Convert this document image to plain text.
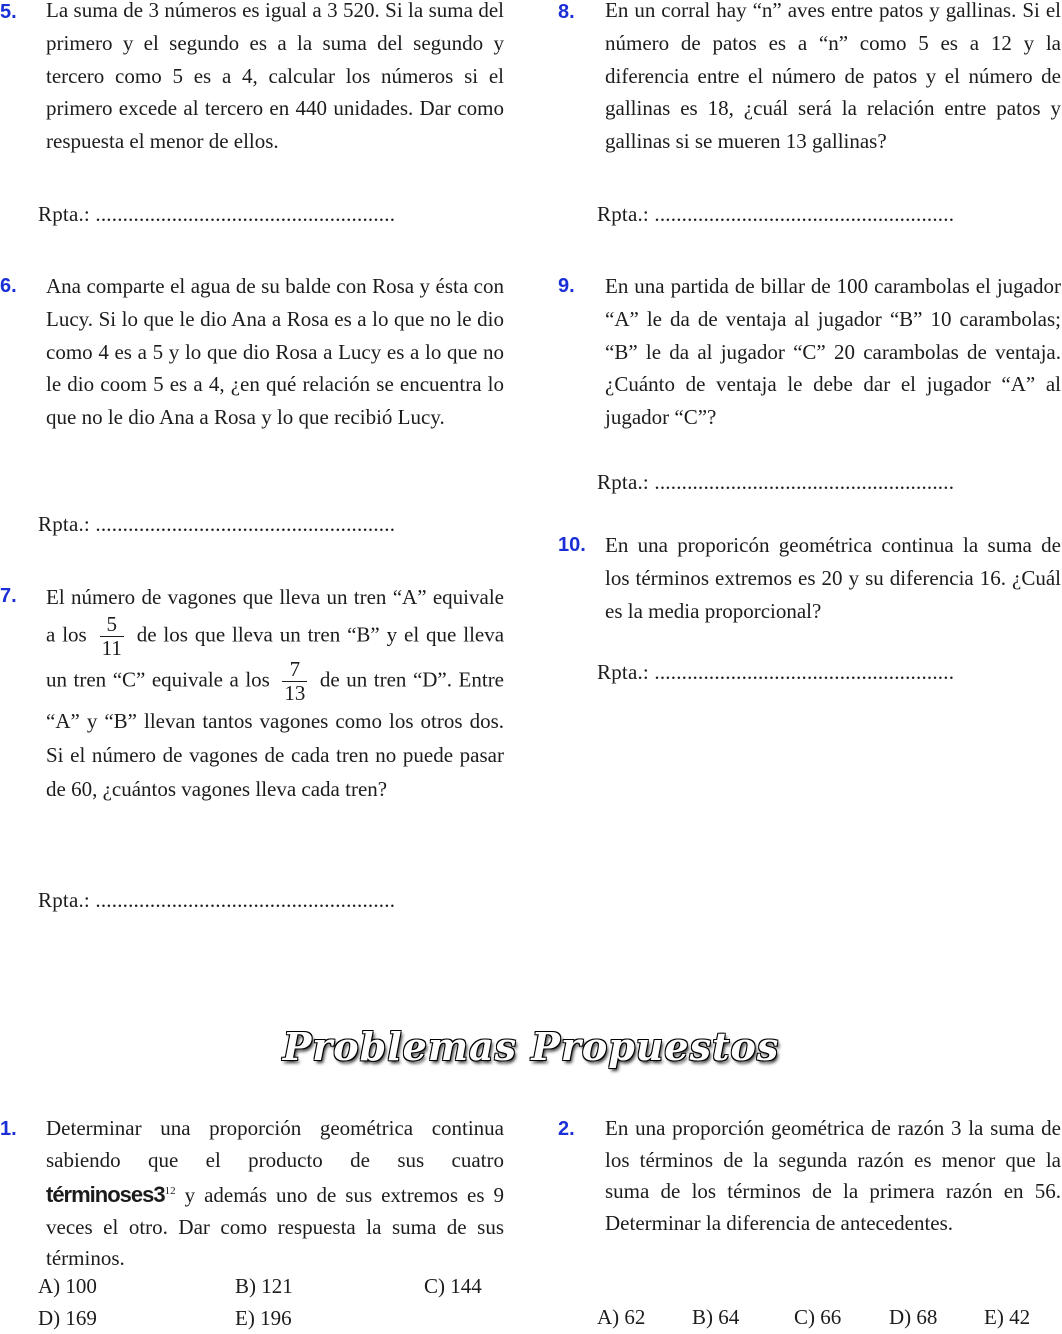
5. La suma de 3 números es igual a 3 520. Si la suma del primero y el segundo es a la suma del segundo y tercero como 5 es a 4, calcular los números si el primero excede al tercero en 440 unidades. Dar como respuesta el menor de ellos.
Rpta.: .......................................................
6. Ana comparte el agua de su balde con Rosa y ésta con Lucy. Si lo que le dio Ana a Rosa es a lo que no le dio como 4 es a 5 y lo que dio Rosa a Lucy es a lo que no le dio coom 5 es a 4, ¿en qué relación se encuentra lo que no le dio Ana a Rosa y lo que recibió Lucy.
Rpta.: .......................................................
7. El número de vagones que lleva un tren “A” equivale a los $\frac{5}{11}$ de los que lleva un tren “B” y el que lleva un tren “C” equivale a los $\frac{7}{13}$ de un tren “D”. Entre “A” y “B” llevan tantos vagones como los otros dos. Si el número de vagones de cada tren no puede pasar de 60, ¿cuántos vagones lleva cada tren?
Rpta.: .......................................................
8. En un corral hay “n” aves entre patos y gallinas. Si el número de patos es a “n” como 5 es a 12 y la diferencia entre el número de patos y el número de gallinas es 18, ¿cuál será la relación entre patos y gallinas si se mueren 13 gallinas?
Rpta.: .......................................................
9. En una partida de billar de 100 carambolas el jugador “A” le da de ventaja al jugador “B” 10 carambolas; “B” le da al jugador “C” 20 carambolas de ventaja. ¿Cuánto de ventaja le debe dar el jugador “A” al jugador “C”?
Rpta.: .......................................................
10. En una proporicón geométrica continua la suma de los términos extremos es 20 y su diferencia 16. ¿Cuál es la media proporcional?
Rpta.: .......................................................
Problemas Propuestos
1. Determinar una proporción geométrica continua sabiendo que el producto de sus cuatro $términoses3^{12}$ y además uno de sus extremos es 9 veces el otro. Dar como respuesta la suma de sus términos.
A) 100	B) 121	C) 144
D) 169	E) 196
2. En una proporción geométrica de razón 3 la suma de los términos de la segunda razón es menor que la suma de los términos de la primera razón en 56. Determinar la diferencia de antecedentes.
A) 62 B) 64	C) 66 D) 68 E) 42
